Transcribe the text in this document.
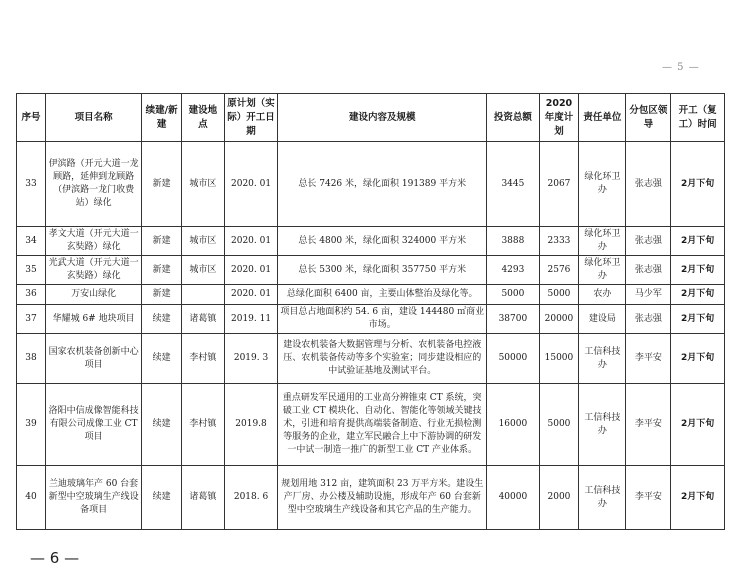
— 5 —
序号	项目名称	续建/新建	建设地点	原计划（实际）开工日期	建设内容及规模	投资总额	2020 年度计划	责任单位	分包区领导	开工（复工）时间
33	伊滨路（开元大道一龙顾路，延伸到龙顾路（伊滨路一龙门收费站）绿化	新建	城市区	2020. 01	总长 7426 米，绿化面积 191389 平方米	3445	2067	绿化环卫办	张志强	2月下旬
34	孝文大道（开元大道一玄奘路）绿化	新建	城市区	2020. 01	总长 4800 米，绿化面积 324000 平方米	3888	2333	绿化环卫办	张志强	2月下旬
35	光武大道（开元大道一玄奘路）绿化	新建	城市区	2020. 01	总长 5300 米，绿化面积 357750 平方米	4293	2576	绿化环卫办	张志强	2月下旬
36	万安山绿化	新建		2020. 01	总绿化面积 6400 亩，主要山体整治及绿化等。	5000	5000	农办	马少军	2月下旬
37	华耀城 6# 地块项目	续建	诸葛镇	2019. 11	项目总占地面积约 54. 6 亩，建设 144480 ㎡商业市场。	38700	20000	建设局	张志强	2月下旬
38	国家农机装备创新中心项目	续建	李村镇	2019. 3	建设农机装备大数据管理与分析、农机装备电控液压、农机装备传动等多个实验室；同步建设相应的中试验证基地及测试平台。	50000	15000	工信科技办	李平安	2月下旬
39	洛阳中信成像智能科技有限公司成像工业 CT 项目	续建	李村镇	2019.8	重点研发军民通用的工业高分辨锥束 CT 系统，突破工业 CT 模块化、自动化、智能化等领域关键技术，引进和培育提供高端装备制造、行业无损检测等服务的企业，建立军民融合上中下游协调的研发一中试一制造一推广的新型工业 CT 产业体系。	16000	5000	工信科技办	李平安	2月下旬
40	兰迪玻璃年产 60 台套新型中空玻璃生产线设备项目	续建	诸葛镇	2018. 6	规划用地 312 亩，建筑面积 23 万平方米。建设生产厂房、办公楼及辅助设施，形成年产 60 台套新型中空玻璃生产线设备和其它产品的生产能力。	40000	2000	工信科技办	李平安	2月下旬
— 6 —
